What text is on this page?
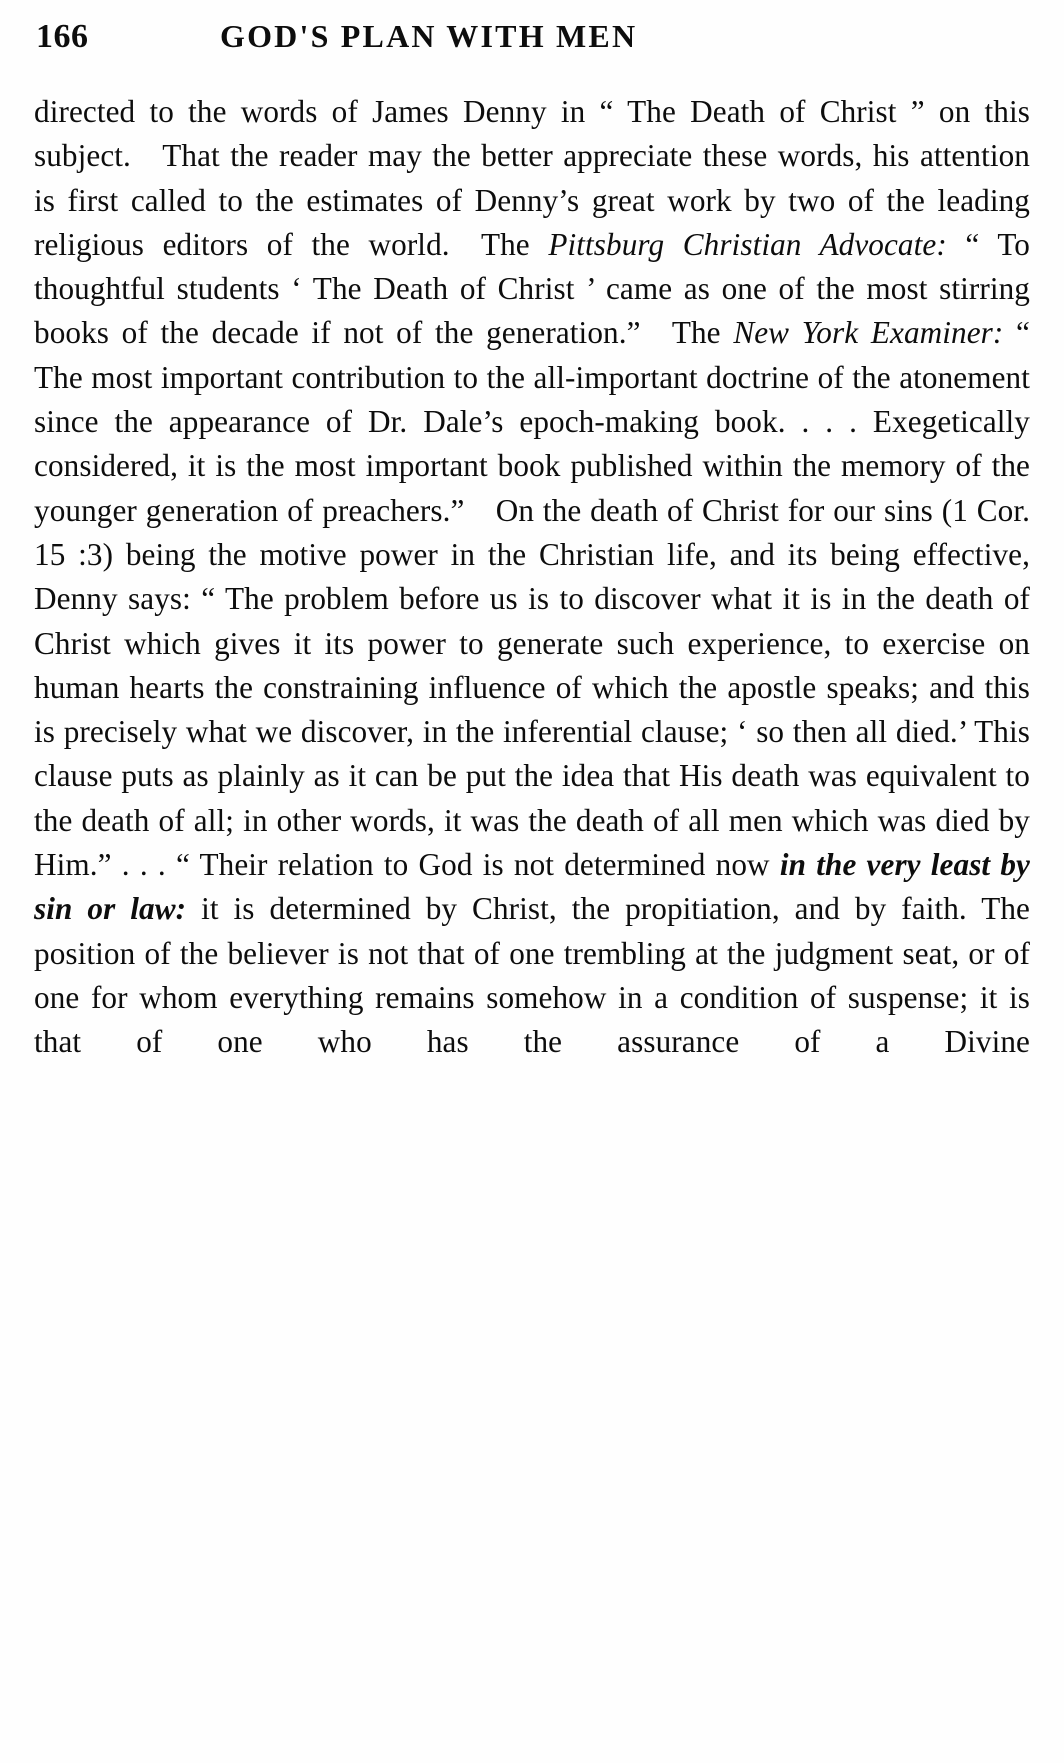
166	GOD'S PLAN WITH MEN

directed to the words of James Denny in “ The Death of Christ ” on this subject. That the reader may the better appreciate these words, his attention is first called to the estimates of Denny’s great work by two of the leading religious editors of the world. The Pittsburg Christian Advocate: “ To thoughtful students ‘ The Death of Christ ’ came as one of the most stirring books of the decade if not of the generation.” The New York Examiner: “ The most important contribution to the all-important doctrine of the atonement since the appearance of Dr. Dale’s epoch-making book. . . . Exegetically considered, it is the most important book published within the memory of the younger generation of preachers.” On the death of Christ for our sins (1 Cor. 15 :3) being the motive power in the Christian life, and its being effective, Denny says: “ The problem before us is to discover what it is in the death of Christ which gives it its power to generate such experience, to exercise on human hearts the constraining influence of which the apostle speaks; and this is precisely what we discover, in the inferential clause; ‘ so then all died.’ This clause puts as plainly as it can be put the idea that His death was equivalent to the death of all; in other words, it was the death of all men which was died by Him.” . . . “ Their relation to God is not determined now in the very least by sin or law: it is determined by Christ, the propitiation, and by faith. The position of the believer is not that of one trembling at the judgment seat, or of one for whom everything remains somehow in a condition of suspense; it is that of one who has the assurance of a Divine
